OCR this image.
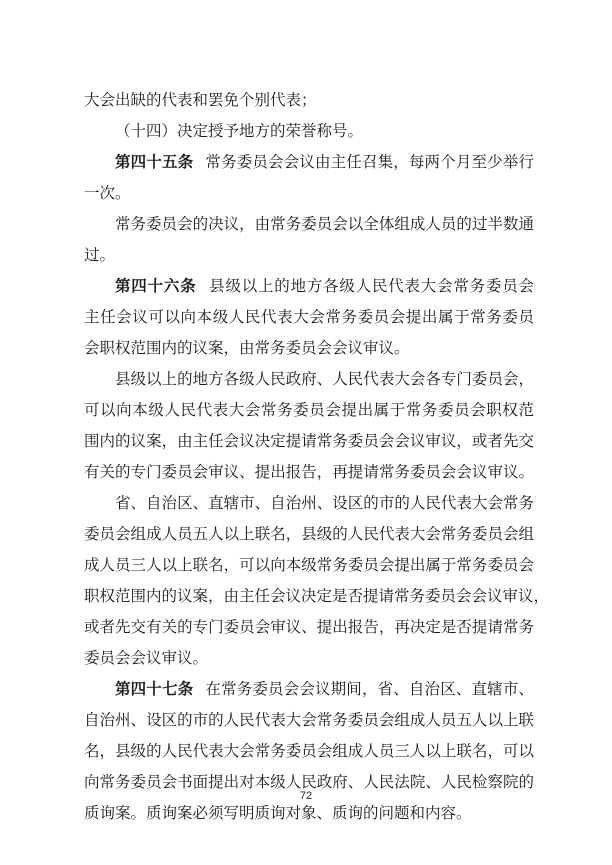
大会出缺的代表和罢免个别代表；
（十四）决定授予地方的荣誉称号。
第四十五条 常务委员会会议由主任召集，每两个月至少举行
一次。
常务委员会的决议，由常务委员会以全体组成人员的过半数通
过。
第四十六条 县级以上的地方各级人民代表大会常务委员会
主任会议可以向本级人民代表大会常务委员会提出属于常务委员
会职权范围内的议案，由常务委员会会议审议。
县级以上的地方各级人民政府、人民代表大会各专门委员会，
可以向本级人民代表大会常务委员会提出属于常务委员会职权范
围内的议案，由主任会议决定提请常务委员会会议审议，或者先交
有关的专门委员会审议、提出报告，再提请常务委员会会议审议。
省、自治区、直辖市、自治州、设区的市的人民代表大会常务
委员会组成人员五人以上联名，县级的人民代表大会常务委员会组
成人员三人以上联名，可以向本级常务委员会提出属于常务委员会
职权范围内的议案，由主任会议决定是否提请常务委员会会议审议，
或者先交有关的专门委员会审议、提出报告，再决定是否提请常务
委员会会议审议。
第四十七条 在常务委员会会议期间，省、自治区、直辖市、
自治州、设区的市的人民代表大会常务委员会组成人员五人以上联
名，县级的人民代表大会常务委员会组成人员三人以上联名，可以
向常务委员会书面提出对本级人民政府、人民法院、人民检察院的
质询案。质询案必须写明质询对象、质询的问题和内容。
72
